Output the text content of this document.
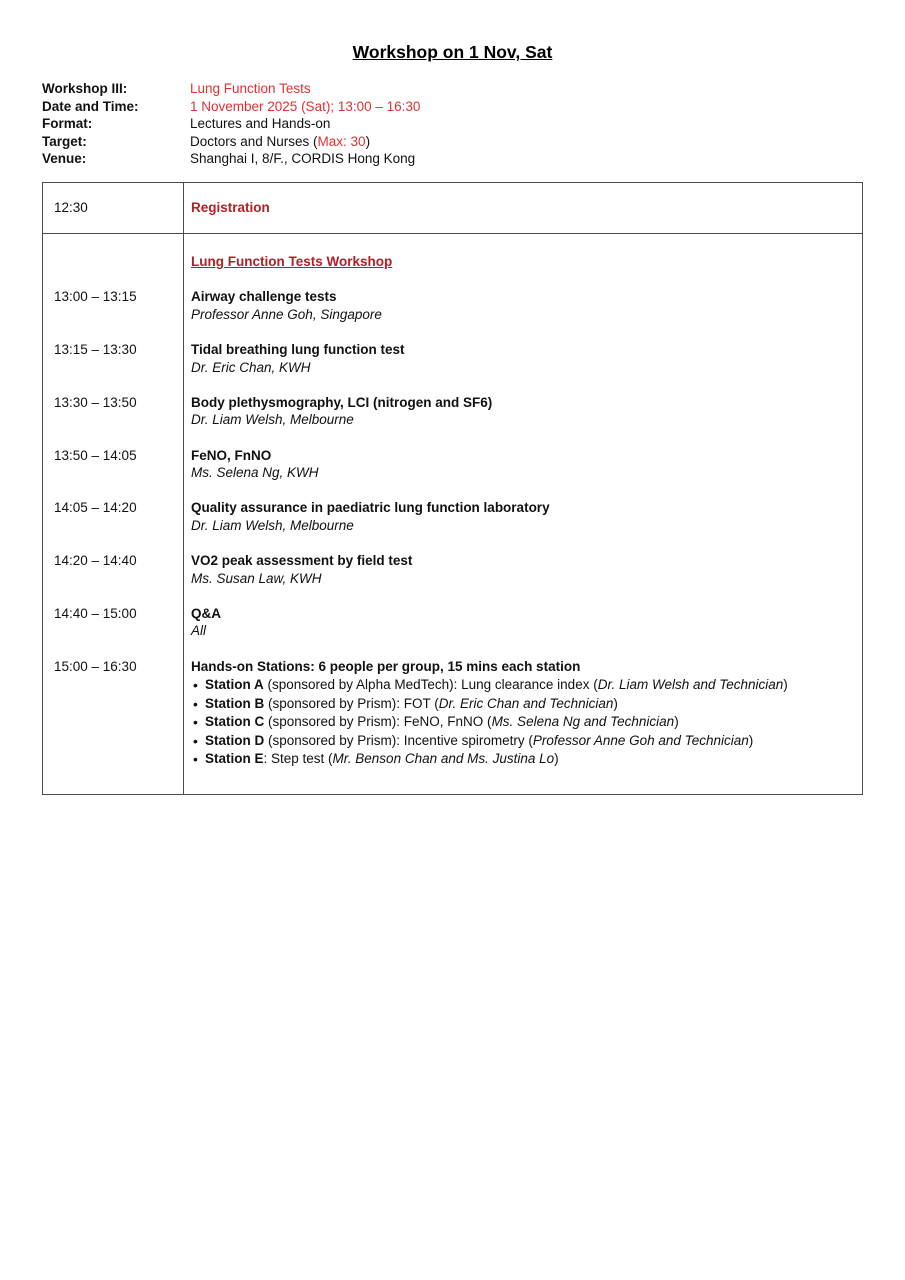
Workshop on 1 Nov, Sat
Workshop III:	Lung Function Tests
Date and Time:	1 November 2025 (Sat); 13:00 – 16:30
Format:	Lectures and Hands-on
Target:	Doctors and Nurses (Max: 30)
Venue:	Shanghai I, 8/F., CORDIS Hong Kong
12:30	Registration
Lung Function Tests Workshop
13:00 – 13:15	Airway challenge tests
Professor Anne Goh, Singapore
13:15 – 13:30	Tidal breathing lung function test
Dr. Eric Chan, KWH
13:30 – 13:50	Body plethysmography, LCI (nitrogen and SF6)
Dr. Liam Welsh, Melbourne
13:50 – 14:05	FeNO, FnNO
Ms. Selena Ng, KWH
14:05 – 14:20	Quality assurance in paediatric lung function laboratory
Dr. Liam Welsh, Melbourne
14:20 – 14:40	VO2 peak assessment by field test
Ms. Susan Law, KWH
14:40 – 15:00	Q&A
All
15:00 – 16:30	Hands-on Stations: 6 people per group, 15 mins each station
• Station A (sponsored by Alpha MedTech): Lung clearance index (Dr. Liam Welsh and Technician)
• Station B (sponsored by Prism): FOT (Dr. Eric Chan and Technician)
• Station C (sponsored by Prism): FeNO, FnNO (Ms. Selena Ng and Technician)
• Station D (sponsored by Prism): Incentive spirometry (Professor Anne Goh and Technician)
• Station E: Step test (Mr. Benson Chan and Ms. Justina Lo)
